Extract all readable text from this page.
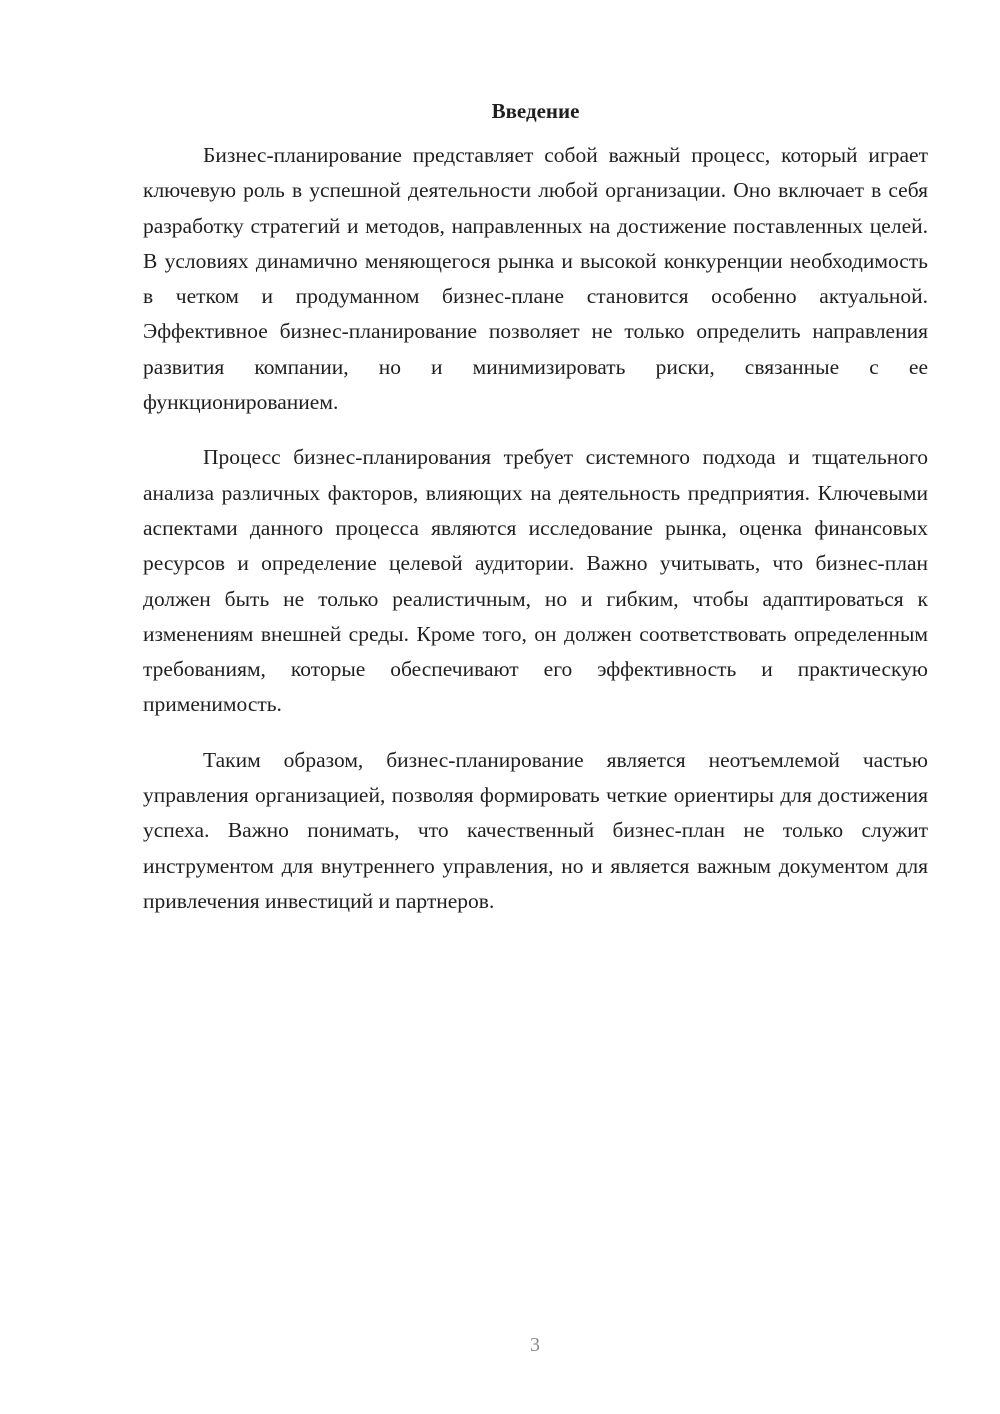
Введение

Бизнес-планирование представляет собой важный процесс, который играет ключевую роль в успешной деятельности любой организации. Оно включает в себя разработку стратегий и методов, направленных на достижение поставленных целей. В условиях динамично меняющегося рынка и высокой конкуренции необходимость в четком и продуманном бизнес-плане становится особенно актуальной. Эффективное бизнес-планирование позволяет не только определить направления развития компании, но и минимизировать риски, связанные с ее функционированием.

Процесс бизнес-планирования требует системного подхода и тщательного анализа различных факторов, влияющих на деятельность предприятия. Ключевыми аспектами данного процесса являются исследование рынка, оценка финансовых ресурсов и определение целевой аудитории. Важно учитывать, что бизнес-план должен быть не только реалистичным, но и гибким, чтобы адаптироваться к изменениям внешней среды. Кроме того, он должен соответствовать определенным требованиям, которые обеспечивают его эффективность и практическую применимость.

Таким образом, бизнес-планирование является неотъемлемой частью управления организацией, позволяя формировать четкие ориентиры для достижения успеха. Важно понимать, что качественный бизнес-план не только служит инструментом для внутреннего управления, но и является важным документом для привлечения инвестиций и партнеров.

3
